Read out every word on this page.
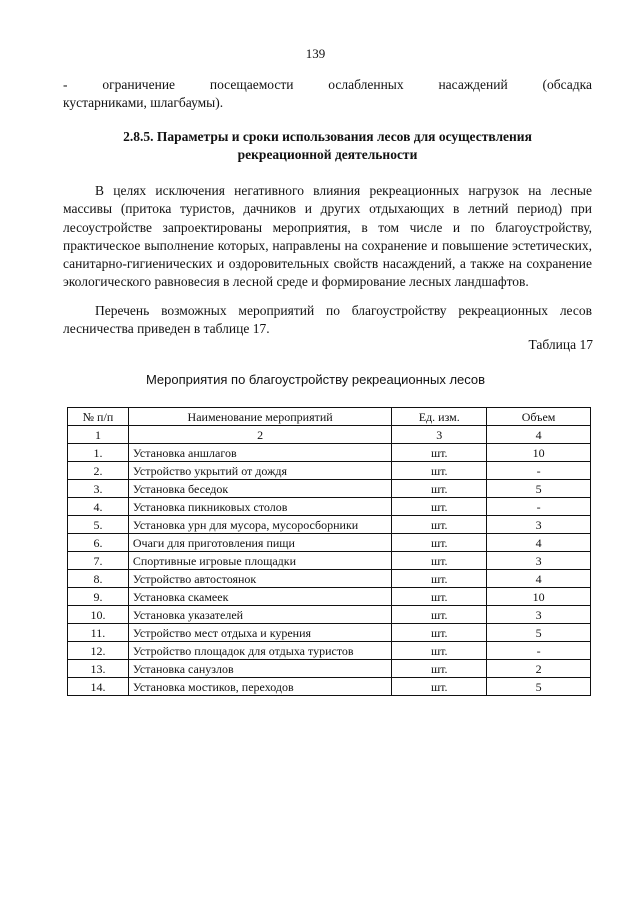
139
- ограничение посещаемости ослабленных насаждений (обсадка
кустарниками, шлагбаумы).
2.8.5. Параметры и сроки использования лесов для осуществления
рекреационной деятельности
В целях исключения негативного влияния рекреационных нагрузок на лесные массивы (притока туристов, дачников и других отдыхающих в летний период) при лесоустройстве запроектированы мероприятия, в том числе и по благоустройству, практическое выполнение которых, направлены на сохранение и повышение эстетических, санитарно-гигиенических и оздоровительных свойств насаждений, а также на сохранение экологического равновесия в лесной среде и формирование лесных ландшафтов.
Перечень возможных мероприятий по благоустройству рекреационных лесов лесничества приведен в таблице 17.
Таблица 17
Мероприятия по благоустройству рекреационных лесов
№ п/п	Наименование мероприятий	Ед. изм.	Объем
1	2	3	4
1.	Установка аншлагов	шт.	10
2.	Устройство укрытий от дождя	шт.	-
3.	Установка беседок	шт.	5
4.	Установка пикниковых столов	шт.	-
5.	Установка урн для мусора, мусоросборники	шт.	3
6.	Очаги для приготовления пищи	шт.	4
7.	Спортивные игровые площадки	шт.	3
8.	Устройство автостоянок	шт.	4
9.	Установка скамеек	шт.	10
10.	Установка указателей	шт.	3
11.	Устройство мест отдыха и курения	шт.	5
12.	Устройство площадок для отдыха туристов	шт.	-
13.	Установка санузлов	шт.	2
14.	Установка мостиков, переходов	шт.	5
